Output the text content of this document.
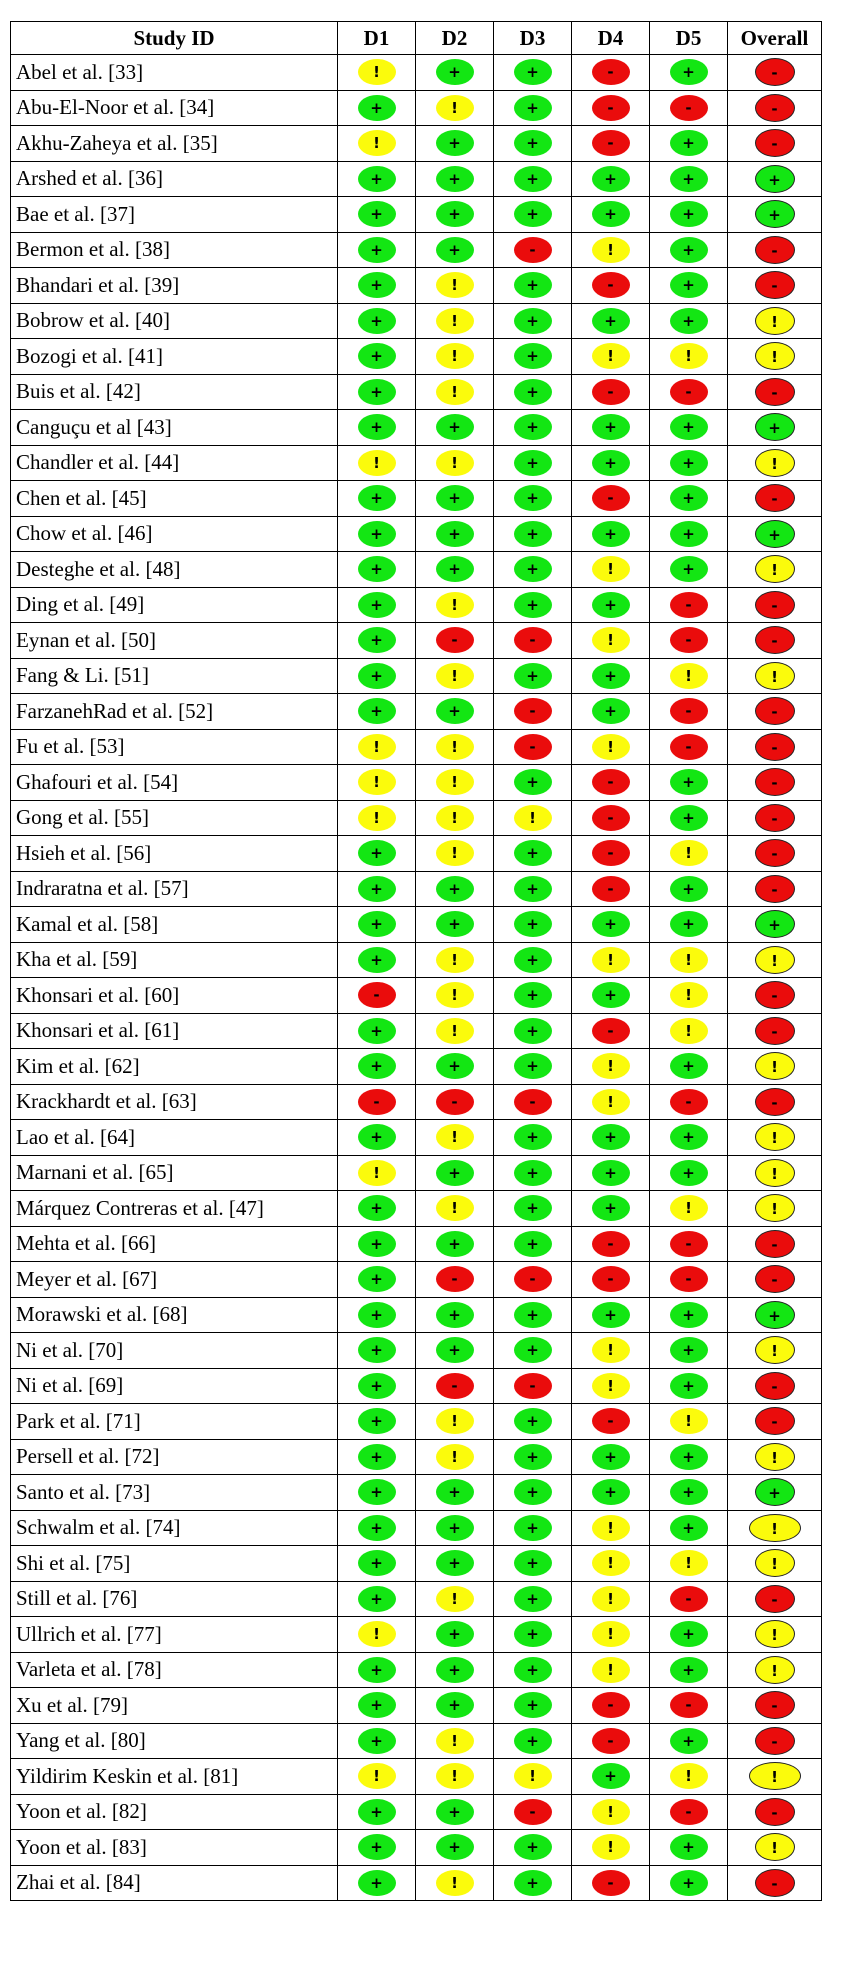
Study ID	D1	D2	D3	D4	D5	Overall
Abel et al. [33]	!	+	+	-	+	-
Abu-El-Noor et al. [34]	+	!	+	-	-	-
Akhu-Zaheya et al. [35]	!	+	+	-	+	-
Arshed et al. [36]	+	+	+	+	+	+
Bae et al. [37]	+	+	+	+	+	+
Bermon et al. [38]	+	+	-	!	+	-
Bhandari et al. [39]	+	!	+	-	+	-
Bobrow et al. [40]	+	!	+	+	+	!
Bozogi et al. [41]	+	!	+	!	!	!
Buis et al. [42]	+	!	+	-	-	-
Canguçu et al [43]	+	+	+	+	+	+
Chandler et al. [44]	!	!	+	+	+	!
Chen et al. [45]	+	+	+	-	+	-
Chow et al. [46]	+	+	+	+	+	+
Desteghe et al. [48]	+	+	+	!	+	!
Ding et al. [49]	+	!	+	+	-	-
Eynan et al. [50]	+	-	-	!	-	-
Fang & Li. [51]	+	!	+	+	!	!
FarzanehRad et al. [52]	+	+	-	+	-	-
Fu et al. [53]	!	!	-	!	-	-
Ghafouri et al. [54]	!	!	+	-	+	-
Gong et al. [55]	!	!	!	-	+	-
Hsieh et al. [56]	+	!	+	-	!	-
Indraratna et al. [57]	+	+	+	-	+	-
Kamal et al. [58]	+	+	+	+	+	+
Kha et al. [59]	+	!	+	!	!	!
Khonsari et al. [60]	-	!	+	+	!	-
Khonsari et al. [61]	+	!	+	-	!	-
Kim et al. [62]	+	+	+	!	+	!
Krackhardt et al. [63]	-	-	-	!	-	-
Lao et al. [64]	+	!	+	+	+	!
Marnani et al. [65]	!	+	+	+	+	!
Márquez Contreras et al. [47]	+	!	+	+	!	!
Mehta et al. [66]	+	+	+	-	-	-
Meyer et al. [67]	+	-	-	-	-	-
Morawski et al. [68]	+	+	+	+	+	+
Ni et al. [70]	+	+	+	!	+	!
Ni et al. [69]	+	-	-	!	+	-
Park et al. [71]	+	!	+	-	!	-
Persell et al. [72]	+	!	+	+	+	!
Santo et al. [73]	+	+	+	+	+	+
Schwalm et al. [74]	+	+	+	!	+	!
Shi et al. [75]	+	+	+	!	!	!
Still et al. [76]	+	!	+	!	-	-
Ullrich et al. [77]	!	+	+	!	+	!
Varleta et al. [78]	+	+	+	!	+	!
Xu et al. [79]	+	+	+	-	-	-
Yang et al. [80]	+	!	+	-	+	-
Yildirim Keskin et al. [81]	!	!	!	+	!	!
Yoon et al. [82]	+	+	-	!	-	-
Yoon et al. [83]	+	+	+	!	+	!
Zhai et al. [84]	+	!	+	-	+	-
